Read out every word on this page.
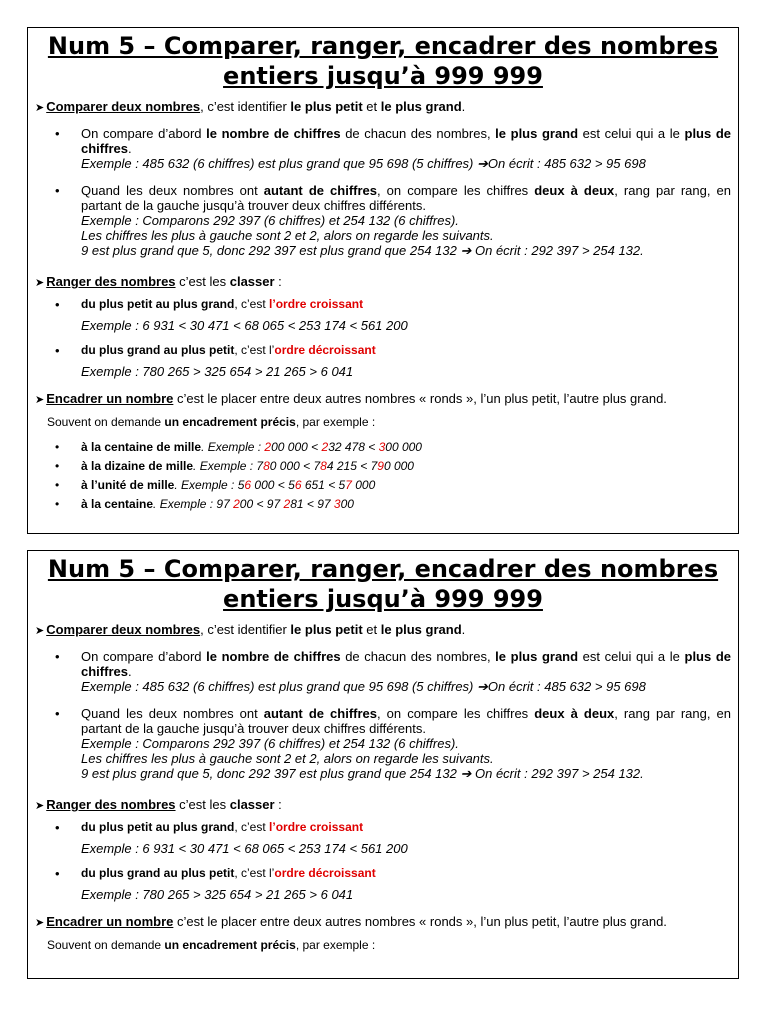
Num 5 – Comparer, ranger, encadrer des nombres
entiers jusqu’à 999 999
➤ Comparer deux nombres, c’est identifier le plus petit et le plus grand.
• On compare d’abord le nombre de chiffres de chacun des nombres, le plus grand est celui qui a le plus de chiffres.
Exemple : 485 632 (6 chiffres) est plus grand que 95 698 (5 chiffres) ➔On écrit : 485 632 > 95 698
• Quand les deux nombres ont autant de chiffres, on compare les chiffres deux à deux, rang par rang, en partant de la gauche jusqu’à trouver deux chiffres différents.
Exemple : Comparons 292 397 (6 chiffres) et 254 132 (6 chiffres).
Les chiffres les plus à gauche sont 2 et 2, alors on regarde les suivants.
9 est plus grand que 5, donc 292 397 est plus grand que 254 132 ➔ On écrit : 292 397 > 254 132.
➤ Ranger des nombres c’est les classer :
• du plus petit au plus grand, c’est l’ordre croissant
Exemple : 6 931 < 30 471 < 68 065 < 253 174 < 561 200
• du plus grand au plus petit, c’est l’ordre décroissant
Exemple : 780 265 > 325 654 > 21 265 > 6 041
➤ Encadrer un nombre c’est le placer entre deux autres nombres « ronds », l’un plus petit, l’autre plus grand.
Souvent on demande un encadrement précis, par exemple :
• à la centaine de mille. Exemple : 200 000 < 232 478 < 300 000
• à la dizaine de mille. Exemple : 780 000 < 784 215 < 790 000
• à l’unité de mille. Exemple : 56 000 < 56 651 < 57 000
• à la centaine. Exemple : 97 200 < 97 281 < 97 300
Num 5 – Comparer, ranger, encadrer des nombres
entiers jusqu’à 999 999
➤ Comparer deux nombres, c’est identifier le plus petit et le plus grand.
• On compare d’abord le nombre de chiffres de chacun des nombres, le plus grand est celui qui a le plus de chiffres.
Exemple : 485 632 (6 chiffres) est plus grand que 95 698 (5 chiffres) ➔On écrit : 485 632 > 95 698
• Quand les deux nombres ont autant de chiffres, on compare les chiffres deux à deux, rang par rang, en partant de la gauche jusqu’à trouver deux chiffres différents.
Exemple : Comparons 292 397 (6 chiffres) et 254 132 (6 chiffres).
Les chiffres les plus à gauche sont 2 et 2, alors on regarde les suivants.
9 est plus grand que 5, donc 292 397 est plus grand que 254 132 ➔ On écrit : 292 397 > 254 132.
➤ Ranger des nombres c’est les classer :
• du plus petit au plus grand, c’est l’ordre croissant
Exemple : 6 931 < 30 471 < 68 065 < 253 174 < 561 200
• du plus grand au plus petit, c’est l’ordre décroissant
Exemple : 780 265 > 325 654 > 21 265 > 6 041
➤ Encadrer un nombre c’est le placer entre deux autres nombres « ronds », l’un plus petit, l’autre plus grand.
Souvent on demande un encadrement précis, par exemple :
